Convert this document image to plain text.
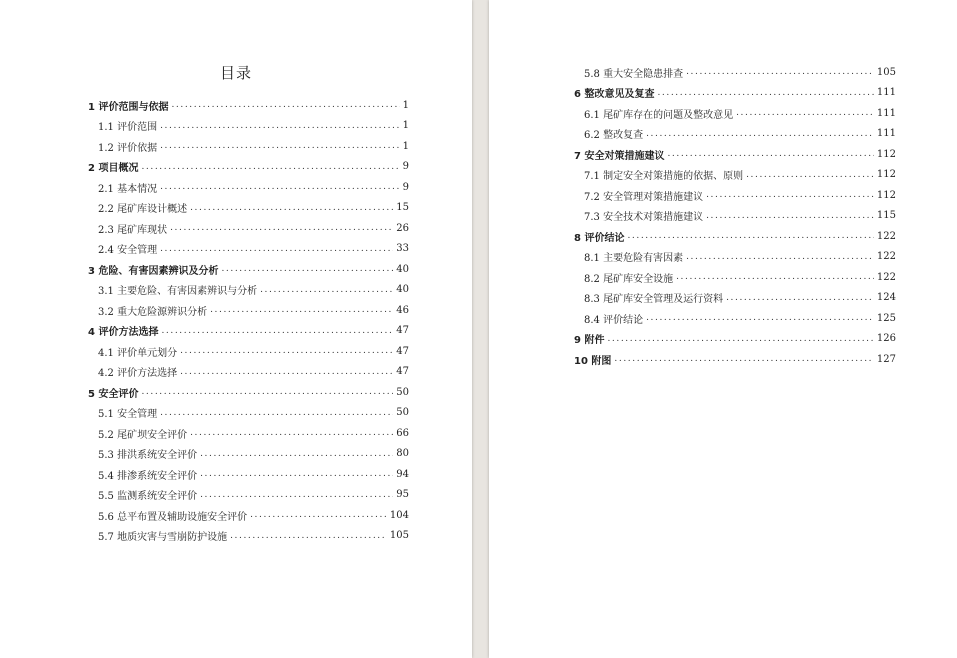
目录
1 评价范围与依据 .....	1
1.1 评价范围 .....	1
1.2 评价依据 .....	1
2 项目概况 .....	9
2.1 基本情况 .....	9
2.2 尾矿库设计概述 .....	15
2.3 尾矿库现状 .....	26
2.4 安全管理 .....	33
3 危险、有害因素辨识及分析 .....	40
3.1 主要危险、有害因素辨识与分析 .....	40
3.2 重大危险源辨识分析 .....	46
4 评价方法选择 .....	47
4.1 评价单元划分 .....	47
4.2 评价方法选择 .....	47
5 安全评价 .....	50
5.1 安全管理 .....	50
5.2 尾矿坝安全评价 .....	66
5.3 排洪系统安全评价 .....	80
5.4 排渗系统安全评价 .....	94
5.5 监测系统安全评价 .....	95
5.6 总平布置及辅助设施安全评价 .....	104
5.7 地质灾害与雪崩防护设施 .....	105
5.8 重大安全隐患排查 .....	105
6 整改意见及复查 .....	111
6.1 尾矿库存在的问题及整改意见 .....	111
6.2 整改复查 .....	111
7 安全对策措施建议 .....	112
7.1 制定安全对策措施的依据、原则 .....	112
7.2 安全管理对策措施建议 .....	112
7.3 安全技术对策措施建议 .....	115
8 评价结论 .....	122
8.1 主要危险有害因素 .....	122
8.2 尾矿库安全设施 .....	122
8.3 尾矿库安全管理及运行资料 .....	124
8.4 评价结论 .....	125
9 附件 .....	126
10 附图 .....	127
